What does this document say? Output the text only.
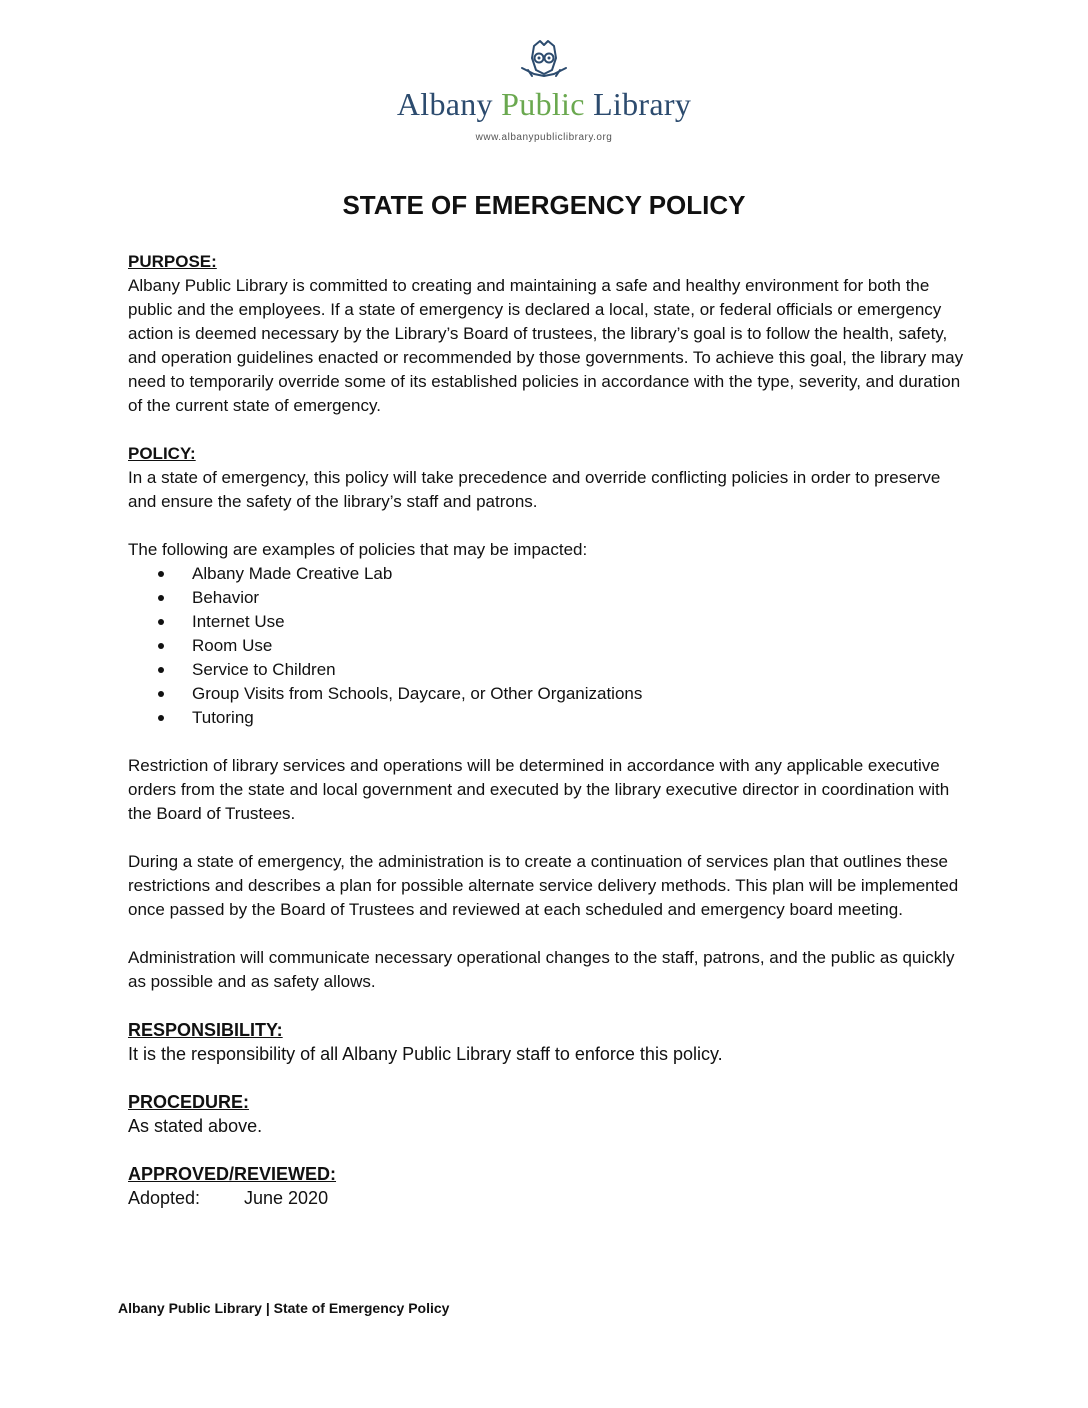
Albany Public Library
www.albanypubliclibrary.org
STATE OF EMERGENCY POLICY
PURPOSE:

Albany Public Library is committed to creating and maintaining a safe and healthy environment for both the public and the employees. If a state of emergency is declared a local, state, or federal officials or emergency action is deemed necessary by the Library’s Board of trustees, the library’s goal is to follow the health, safety, and operation guidelines enacted or recommended by those governments. To achieve this goal, the library may need to temporarily override some of its established policies in accordance with the type, severity, and duration of the current state of emergency.

POLICY:

In a state of emergency, this policy will take precedence and override conflicting policies in order to preserve and ensure the safety of the library’s staff and patrons.

The following are examples of policies that may be impacted:

Albany Made Creative Lab
Behavior
Internet Use
Room Use
Service to Children
Group Visits from Schools, Daycare, or Other Organizations
Tutoring

Restriction of library services and operations will be determined in accordance with any applicable executive orders from the state and local government and executed by the library executive director in coordination with the Board of Trustees.

During a state of emergency, the administration is to create a continuation of services plan that outlines these restrictions and describes a plan for possible alternate service delivery methods. This plan will be implemented once passed by the Board of Trustees and reviewed at each scheduled and emergency board meeting.

Administration will communicate necessary operational changes to the staff, patrons, and the public as quickly as possible and as safety allows.

RESPONSIBILITY:

It is the responsibility of all Albany Public Library staff to enforce this policy.

PROCEDURE:

As stated above.

APPROVED/REVIEWED:
Adopted:	June 2020
Albany Public Library | State of Emergency Policy
